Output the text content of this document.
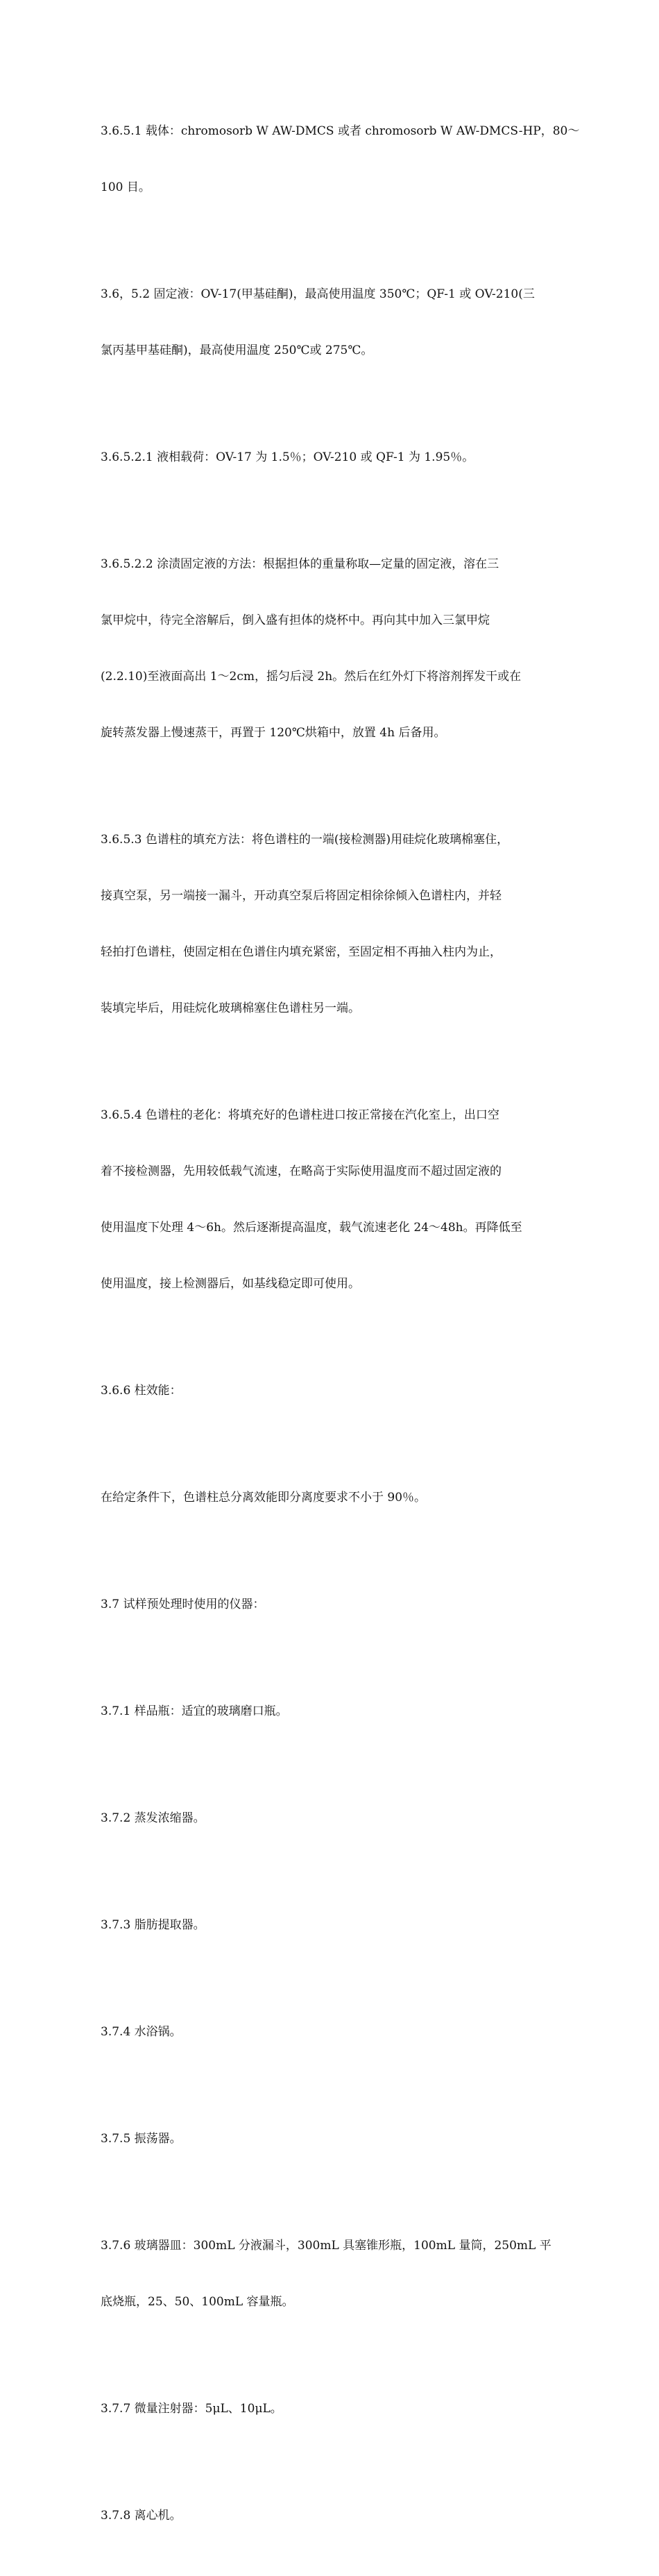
3.6.5.1 载体：chromosorb W AW-DMCS 或者 chromosorb W AW-DMCS-HP，80～

100 目。

3.6，5.2 固定液：OV-17(甲基硅酮)，最高使用温度 350℃；QF-1 或 OV-210(三

氯丙基甲基硅酮)，最高使用温度 250℃或 275℃。

3.6.5.2.1 液相载荷：OV-17 为 1.5％；OV-210 或 QF-1 为 1.95％。

3.6.5.2.2 涂渍固定液的方法：根据担体的重量称取—定量的固定液，溶在三

氯甲烷中，待完全溶解后，倒入盛有担体的烧杯中。再向其中加入三氯甲烷

(2.2.10)至液面高出 1～2cm，摇匀后浸 2h。然后在红外灯下将溶剂挥发干或在

旋转蒸发器上慢速蒸干，再置于 120℃烘箱中，放置 4h 后备用。

3.6.5.3 色谱柱的填充方法：将色谱柱的一端(接检测器)用硅烷化玻璃棉塞住，

接真空泵，另一端接一漏斗，开动真空泵后将固定相徐徐倾入色谱柱内，并轻

轻拍打色谱柱，使固定相在色谱住内填充紧密，至固定相不再抽入柱内为止，

装填完毕后，用硅烷化玻璃棉塞住色谱柱另一端。

3.6.5.4 色谱柱的老化：将填充好的色谱柱进口按正常接在汽化室上，出口空

着不接检测器，先用较低载气流速，在略高于实际使用温度而不超过固定液的

使用温度下处理 4～6h。然后逐渐提高温度，载气流速老化 24～48h。再降低至

使用温度，接上检测器后，如基线稳定即可使用。

3.6.6 柱效能：

在给定条件下，色谱柱总分离效能即分离度要求不小于 90％。

3.7 试样预处理时使用的仪器：

3.7.1 样品瓶：适宜的玻璃磨口瓶。

3.7.2 蒸发浓缩器。

3.7.3 脂肪提取器。

3.7.4 水浴锅。

3.7.5 振荡器。

3.7.6 玻璃器皿：300mL 分液漏斗，300mL 具塞锥形瓶，100mL 量筒，250mL 平

底烧瓶，25、50、100mL 容量瓶。

3.7.7 微量注射器：5μL、10μL。

3.7.8 离心机。
